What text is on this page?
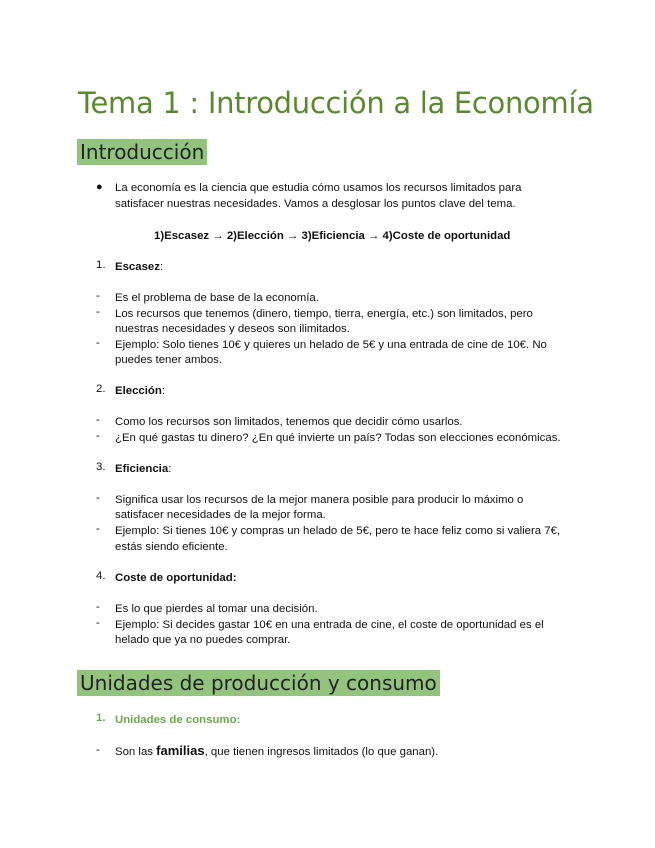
Tema 1 : Introducción a la Economía
Introducción
● La economía es la ciencia que estudia cómo usamos los recursos limitados para
satisfacer nuestras necesidades. Vamos a desglosar los puntos clave del tema.
1)Escasez → 2)Elección → 3)Eficiencia → 4)Coste de oportunidad
1. Escasez:
- Es el problema de base de la economía.
- Los recursos que tenemos (dinero, tiempo, tierra, energía, etc.) son limitados, pero
nuestras necesidades y deseos son ilimitados.
- Ejemplo: Solo tienes 10€ y quieres un helado de 5€ y una entrada de cine de 10€. No
puedes tener ambos.
2. Elección:
- Como los recursos son limitados, tenemos que decidir cómo usarlos.
- ¿En qué gastas tu dinero? ¿En qué invierte un país? Todas son elecciones económicas.
3. Eficiencia:
- Significa usar los recursos de la mejor manera posible para producir lo máximo o
satisfacer necesidades de la mejor forma.
- Ejemplo: Si tienes 10€ y compras un helado de 5€, pero te hace feliz como si valiera 7€,
estás siendo eficiente.
4. Coste de oportunidad:
- Es lo que pierdes al tomar una decisión.
- Ejemplo: Si decides gastar 10€ en una entrada de cine, el coste de oportunidad es el
helado que ya no puedes comprar.
Unidades de producción y consumo
1. Unidades de consumo:
- Son las familias, que tienen ingresos limitados (lo que ganan).
